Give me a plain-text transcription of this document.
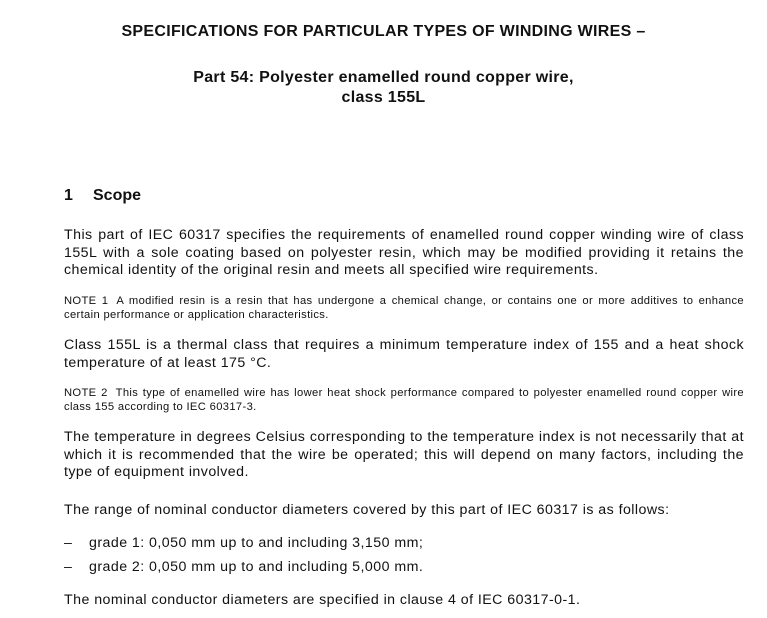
SPECIFICATIONS FOR PARTICULAR TYPES OF WINDING WIRES –
Part 54: Polyester enamelled round copper wire,
class 155L
1 Scope
This part of IEC 60317 specifies the requirements of enamelled round copper winding wire of class 155L with a sole coating based on polyester resin, which may be modified providing it retains the chemical identity of the original resin and meets all specified wire requirements.
NOTE 1 A modified resin is a resin that has undergone a chemical change, or contains one or more additives to enhance certain performance or application characteristics.
Class 155L is a thermal class that requires a minimum temperature index of 155 and a heat shock temperature of at least 175 °C.
NOTE 2 This type of enamelled wire has lower heat shock performance compared to polyester enamelled round copper wire class 155 according to IEC 60317-3.
The temperature in degrees Celsius corresponding to the temperature index is not necessarily that at which it is recommended that the wire be operated; this will depend on many factors, including the type of equipment involved.
The range of nominal conductor diameters covered by this part of IEC 60317 is as follows:
– grade 1: 0,050 mm up to and including 3,150 mm;
– grade 2: 0,050 mm up to and including 5,000 mm.
The nominal conductor diameters are specified in clause 4 of IEC 60317-0-1.
